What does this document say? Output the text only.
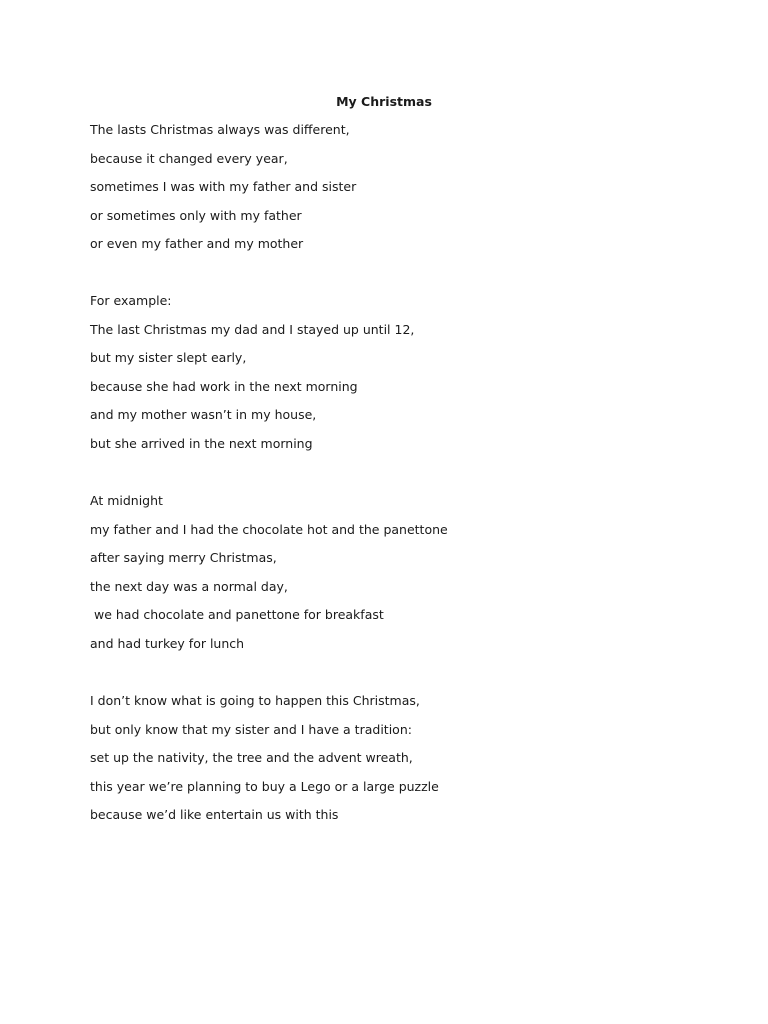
My Christmas
The lasts Christmas always was different,
because it changed every year,
sometimes I was with my father and sister
or sometimes only with my father
or even my father and my mother
For example:
The last Christmas my dad and I stayed up until 12,
but my sister slept early,
because she had work in the next morning
and my mother wasn’t in my house,
but she arrived in the next morning
At midnight
my father and I had the chocolate hot and the panettone
after saying merry Christmas,
the next day was a normal day,
we had chocolate and panettone for breakfast
and had turkey for lunch
I don’t know what is going to happen this Christmas,
but only know that my sister and I have a tradition:
set up the nativity, the tree and the advent wreath,
this year we’re planning to buy a Lego or a large puzzle
because we’d like entertain us with this
